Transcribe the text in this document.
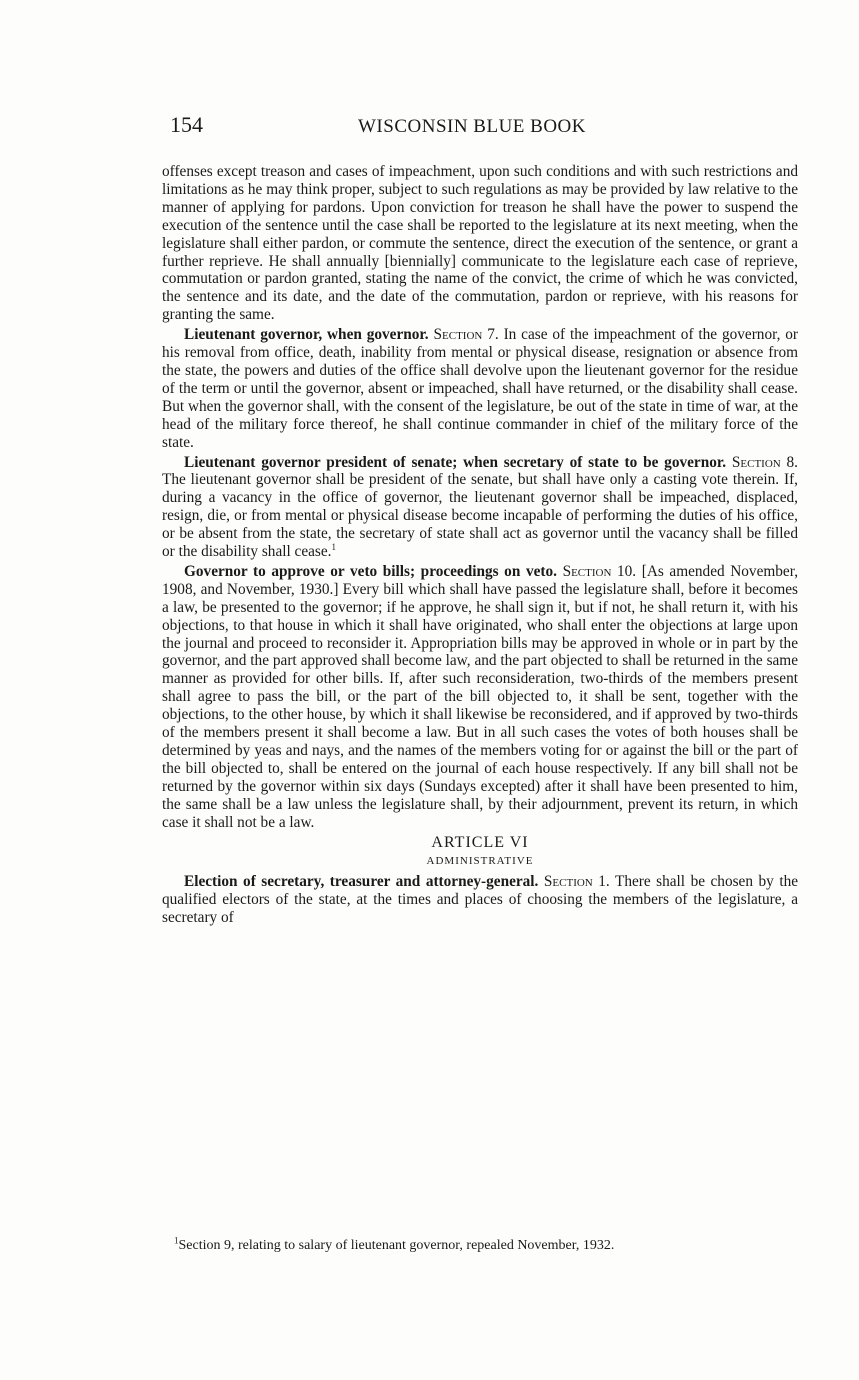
154	WISCONSIN BLUE BOOK

offenses except treason and cases of impeachment, upon such conditions and with such restrictions and limitations as he may think proper, subject to such regulations as may be provided by law relative to the manner of applying for pardons. Upon conviction for treason he shall have the power to suspend the execution of the sentence until the case shall be reported to the legislature at its next meeting, when the legislature shall either pardon, or commute the sentence, direct the execution of the sentence, or grant a further reprieve. He shall annually [biennially] communicate to the legislature each case of reprieve, commutation or pardon granted, stating the name of the convict, the crime of which he was convicted, the sentence and its date, and the date of the commutation, pardon or reprieve, with his reasons for granting the same.

Lieutenant governor, when governor. Section 7. In case of the impeachment of the governor, or his removal from office, death, inability from mental or physical disease, resignation or absence from the state, the powers and duties of the office shall devolve upon the lieutenant governor for the residue of the term or until the governor, absent or impeached, shall have returned, or the disability shall cease. But when the governor shall, with the consent of the legislature, be out of the state in time of war, at the head of the military force thereof, he shall continue commander in chief of the military force of the state.

Lieutenant governor president of senate; when secretary of state to be governor. Section 8. The lieutenant governor shall be president of the senate, but shall have only a casting vote therein. If, during a vacancy in the office of governor, the lieutenant governor shall be impeached, displaced, resign, die, or from mental or physical disease become incapable of performing the duties of his office, or be absent from the state, the secretary of state shall act as governor until the vacancy shall be filled or the disability shall cease.$^1$

Governor to approve or veto bills; proceedings on veto. Section 10. [As amended November, 1908, and November, 1930.] Every bill which shall have passed the legislature shall, before it becomes a law, be presented to the governor; if he approve, he shall sign it, but if not, he shall return it, with his objections, to that house in which it shall have originated, who shall enter the objections at large upon the journal and proceed to reconsider it. Appropriation bills may be approved in whole or in part by the governor, and the part approved shall become law, and the part objected to shall be returned in the same manner as provided for other bills. If, after such reconsideration, two-thirds of the members present shall agree to pass the bill, or the part of the bill objected to, it shall be sent, together with the objections, to the other house, by which it shall likewise be reconsidered, and if approved by two-thirds of the members present it shall become a law. But in all such cases the votes of both houses shall be determined by yeas and nays, and the names of the members voting for or against the bill or the part of the bill objected to, shall be entered on the journal of each house respectively. If any bill shall not be returned by the governor within six days (Sundays excepted) after it shall have been presented to him, the same shall be a law unless the legislature shall, by their adjournment, prevent its return, in which case it shall not be a law.

ARTICLE VI

ADMINISTRATIVE

Election of secretary, treasurer and attorney-general. Section 1. There shall be chosen by the qualified electors of the state, at the times and places of choosing the members of the legislature, a secretary of

$^1$Section 9, relating to salary of lieutenant governor, repealed November, 1932.
